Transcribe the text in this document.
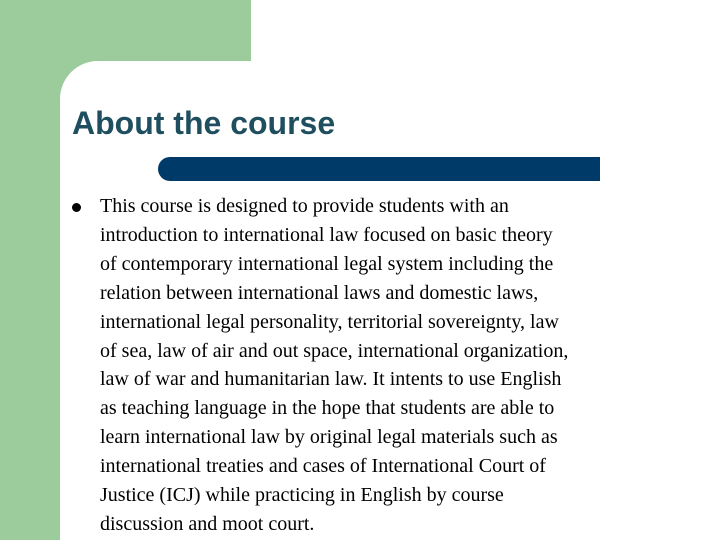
About the course

This course is designed to provide students with an
introduction to international law focused on basic theory
of contemporary international legal system including the
relation between international laws and domestic laws,
international legal personality, territorial sovereignty, law
of sea, law of air and out space, international organization,
law of war and humanitarian law. It intents to use English
as teaching language in the hope that students are able to
learn international law by original legal materials such as
international treaties and cases of International Court of
Justice (ICJ) while practicing in English by course
discussion and moot court.
